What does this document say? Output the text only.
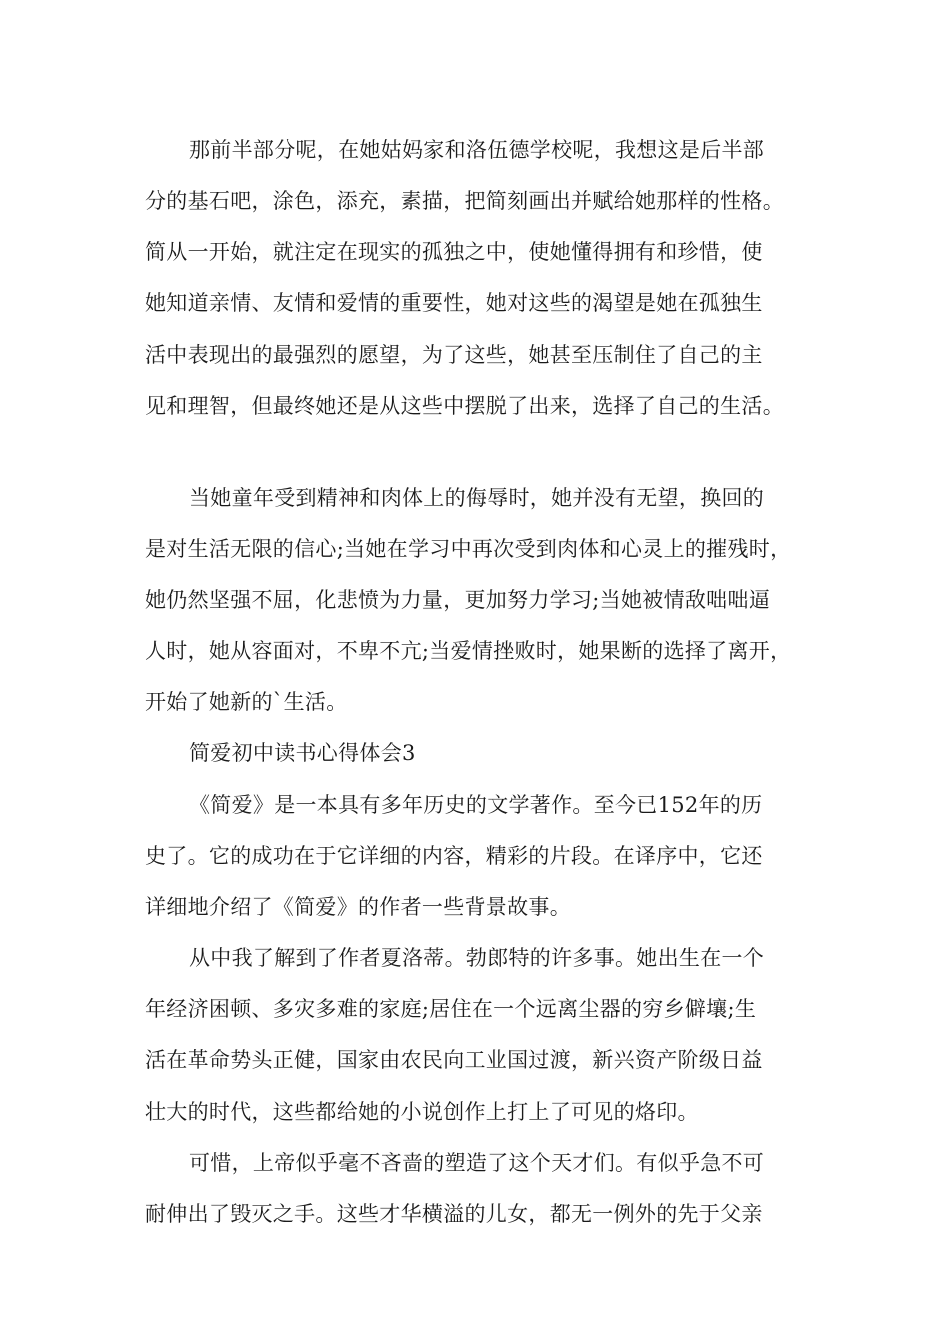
那前半部分呢，在她姑妈家和洛伍德学校呢，我想这是后半部
分的基石吧，涂色，添充，素描，把简刻画出并赋给她那样的性格。
简从一开始，就注定在现实的孤独之中，使她懂得拥有和珍惜，使
她知道亲情、友情和爱情的重要性，她对这些的渴望是她在孤独生
活中表现出的最强烈的愿望，为了这些，她甚至压制住了自己的主
见和理智，但最终她还是从这些中摆脱了出来，选择了自己的生活。
当她童年受到精神和肉体上的侮辱时，她并没有无望，换回的
是对生活无限的信心;当她在学习中再次受到肉体和心灵上的摧残时，
她仍然坚强不屈，化悲愤为力量，更加努力学习;当她被情敌咄咄逼
人时，她从容面对，不卑不亢;当爱情挫败时，她果断的选择了离开，
开始了她新的`生活。
简爱初中读书心得体会3
《简爱》是一本具有多年历史的文学著作。至今已152年的历
史了。它的成功在于它详细的内容，精彩的片段。在译序中，它还
详细地介绍了《简爱》的作者一些背景故事。
从中我了解到了作者夏洛蒂。勃郎特的许多事。她出生在一个
年经济困顿、多灾多难的家庭;居住在一个远离尘器的穷乡僻壤;生
活在革命势头正健，国家由农民向工业国过渡，新兴资产阶级日益
壮大的时代，这些都给她的小说创作上打上了可见的烙印。
可惜，上帝似乎毫不吝啬的塑造了这个天才们。有似乎急不可
耐伸出了毁灭之手。这些才华横溢的儿女，都无一例外的先于父亲
